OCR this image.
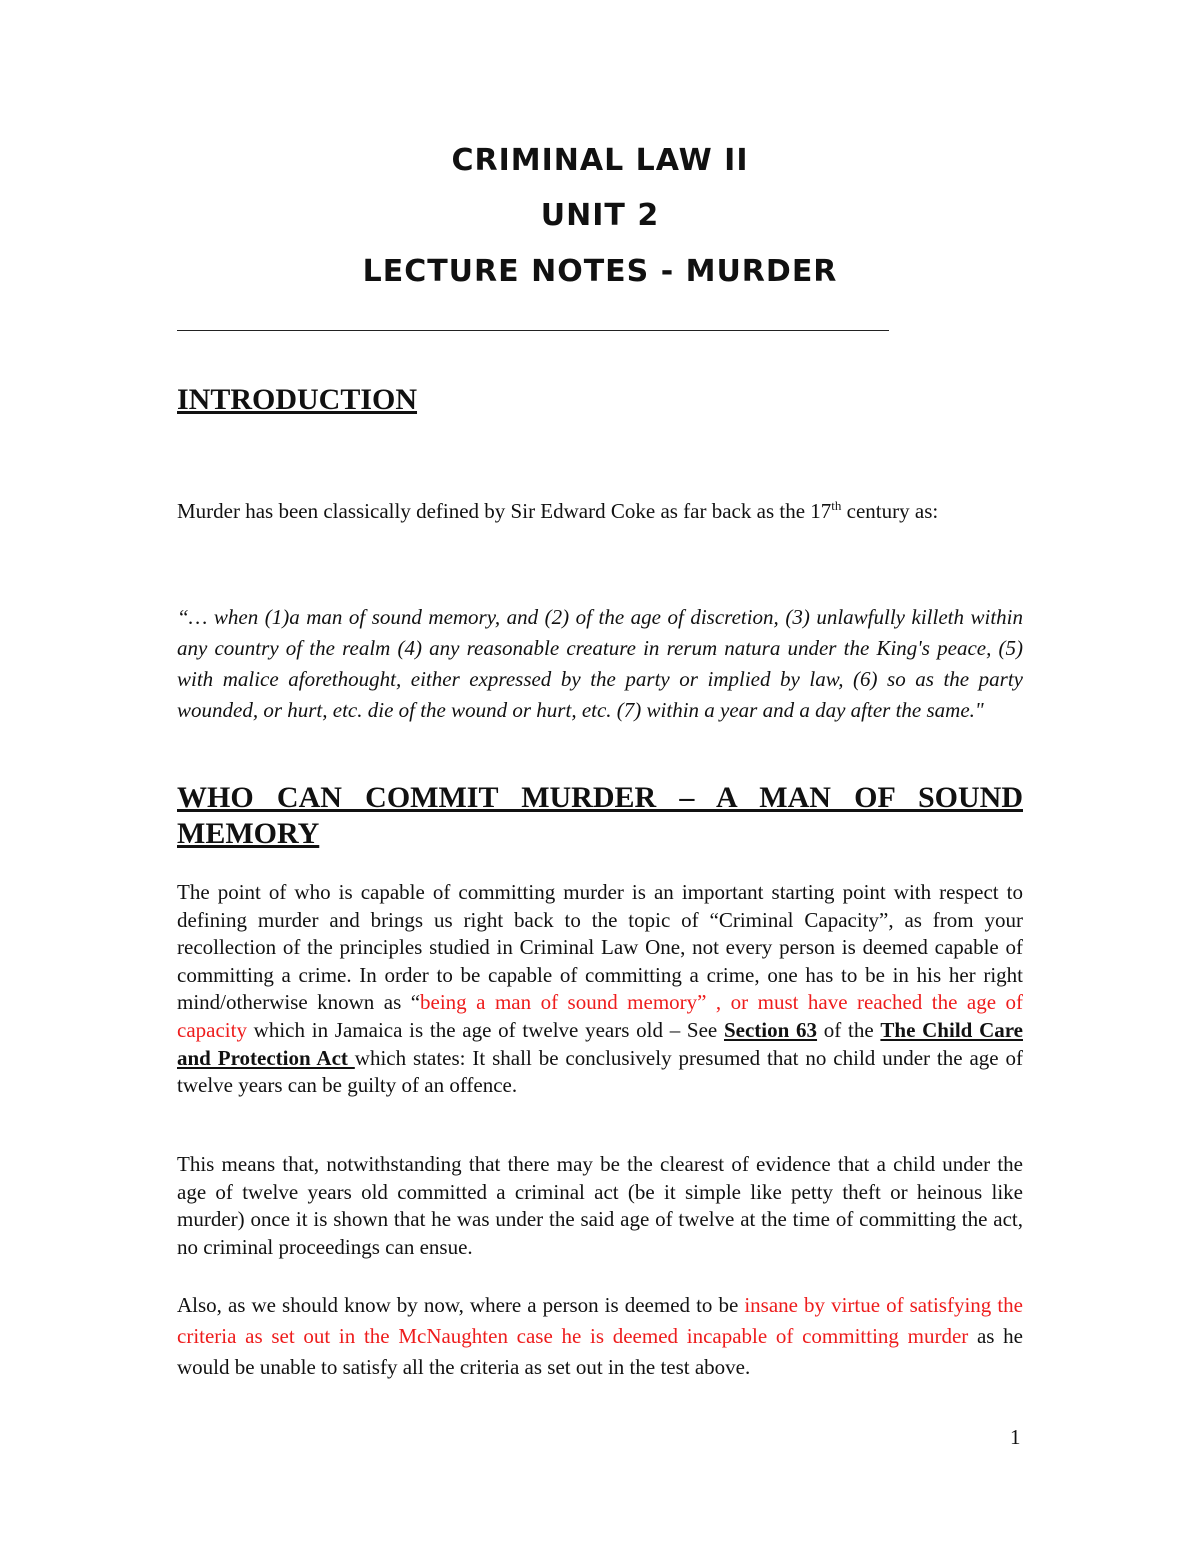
CRIMINAL LAW II
UNIT 2
LECTURE NOTES - MURDER
INTRODUCTION

Murder has been classically defined by Sir Edward Coke as far back as the 17th century as:

“… when (1)a man of sound memory, and (2) of the age of discretion, (3) unlawfully killeth within any country of the realm (4) any reasonable creature in rerum natura under the King's peace, (5) with malice aforethought, either expressed by the party or implied by law, (6) so as the party wounded, or hurt, etc. die of the wound or hurt, etc. (7) within a year and a day after the same."

WHO CAN COMMIT MURDER – A MAN OF SOUND MEMORY

The point of who is capable of committing murder is an important starting point with respect to defining murder and brings us right back to the topic of “Criminal Capacity”, as from your recollection of the principles studied in Criminal Law One, not every person is deemed capable of committing a crime. In order to be capable of committing a crime, one has to be in his her right mind/otherwise known as “being a man of sound memory” , or must have reached the age of capacity which in Jamaica is the age of twelve years old – See Section 63 of the The Child Care and Protection Act which states: It shall be conclusively presumed that no child under the age of twelve years can be guilty of an offence.

This means that, notwithstanding that there may be the clearest of evidence that a child under the age of twelve years old committed a criminal act (be it simple like petty theft or heinous like murder) once it is shown that he was under the said age of twelve at the time of committing the act, no criminal proceedings can ensue.

Also, as we should know by now, where a person is deemed to be insane by virtue of satisfying the criteria as set out in the McNaughten case he is deemed incapable of committing murder as he would be unable to satisfy all the criteria as set out in the test above.

1
